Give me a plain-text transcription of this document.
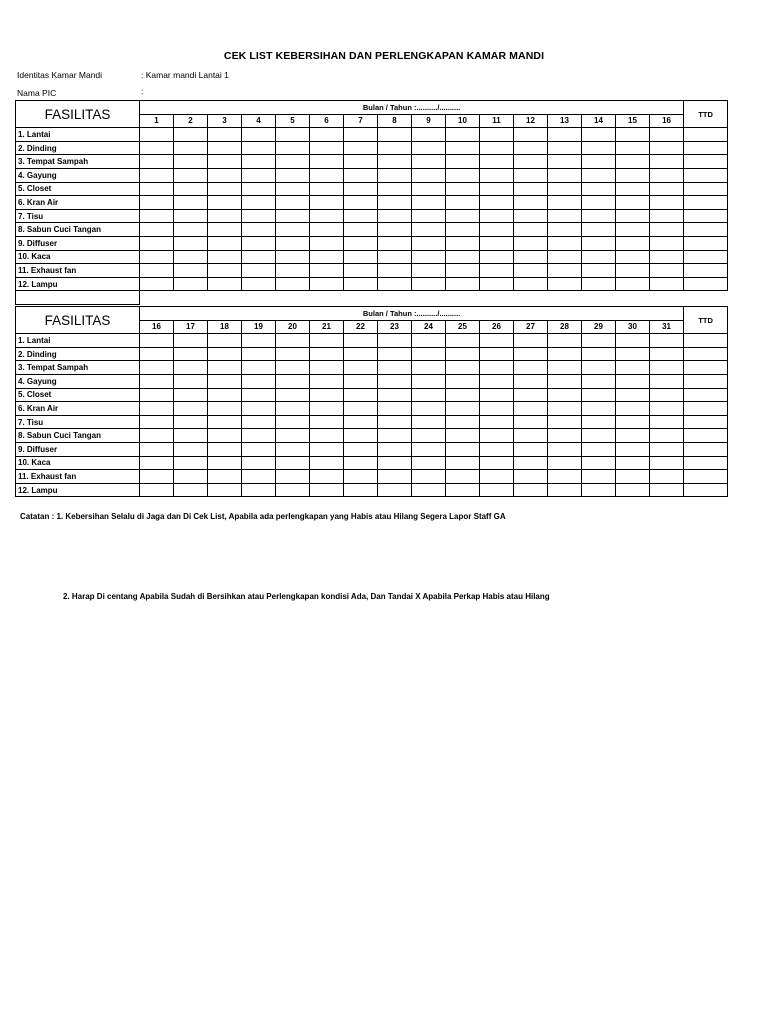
CEK LIST KEBERSIHAN DAN PERLENGKAPAN KAMAR MANDI
Identitas Kamar Mandi	: Kamar mandi Lantai 1
Nama PIC	:
FASILITAS	Bulan / Tahun :........../..........																TTD
	1	2	3	4	5	6	7	8	9	10	11	12	13	14	15	16	
1. Lantai																	
2. Dinding																	
3. Tempat Sampah																	
4. Gayung																	
5. Closet																	
6. Kran Air																	
7. Tisu																	
8. Sabun Cuci Tangan																	
9. Diffuser																	
10. Kaca																	
11. Exhaust fan																	
12. Lampu																	

FASILITAS	Bulan / Tahun :........../..........																TTD
	16	17	18	19	20	21	22	23	24	25	26	27	28	29	30	31	
1. Lantai																	
2. Dinding																	
3. Tempat Sampah																	
4. Gayung																	
5. Closet																	
6. Kran Air																	
7. Tisu																	
8. Sabun Cuci Tangan																	
9. Diffuser																	
10. Kaca																	
11. Exhaust fan																	
12. Lampu																	
Catatan : 1. Kebersihan Selalu di Jaga dan Di Cek List, Apabila ada perlengkapan yang Habis atau Hilang Segera Lapor Staff GA
2. Harap Di centang Apabila Sudah di Bersihkan atau Perlengkapan kondisi Ada, Dan Tandai X Apabila Perkap Habis atau Hilang
